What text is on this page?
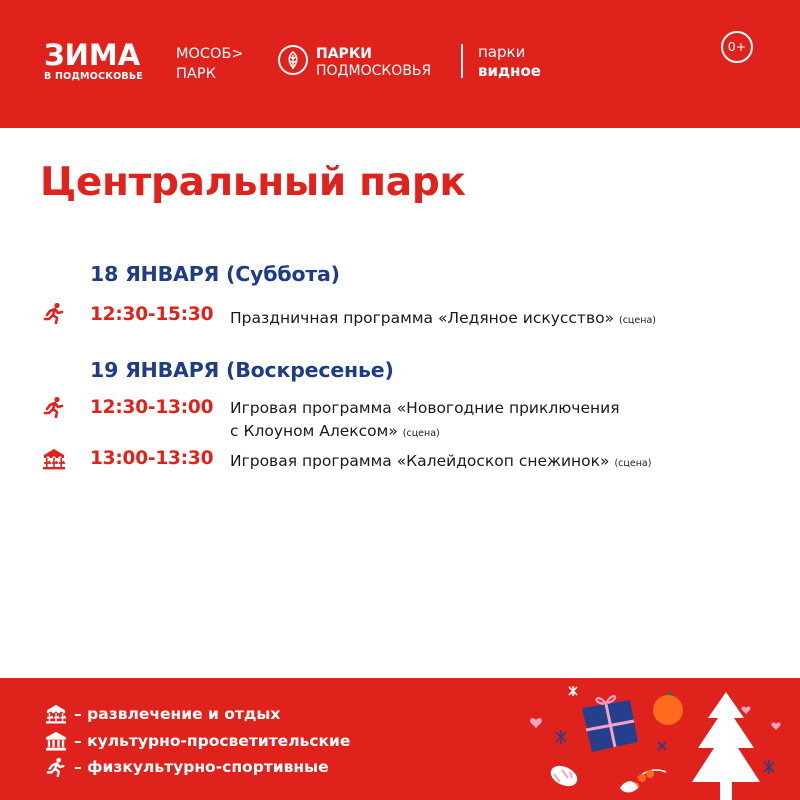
ЗИМА
В ПОДМОСКОВЬЕ
МОСОБ>
ПАРК
ПАРКИ
ПОДМОСКОВЬЯ
парки
видное
0+
Центральный парк
18 ЯНВАРЯ (Суббота)
12:30-15:30 Праздничная программа «Ледяное искусство» (сцена)
19 ЯНВАРЯ (Воскресенье)
12:30-13:00 Игровая программа «Новогодние приключения
с Клоуном Алексом» (сцена)
13:00-13:30 Игровая программа «Калейдоскоп снежинок» (сцена)
– развлечение и отдых
– культурно-просветительские
– физкультурно-спортивные
